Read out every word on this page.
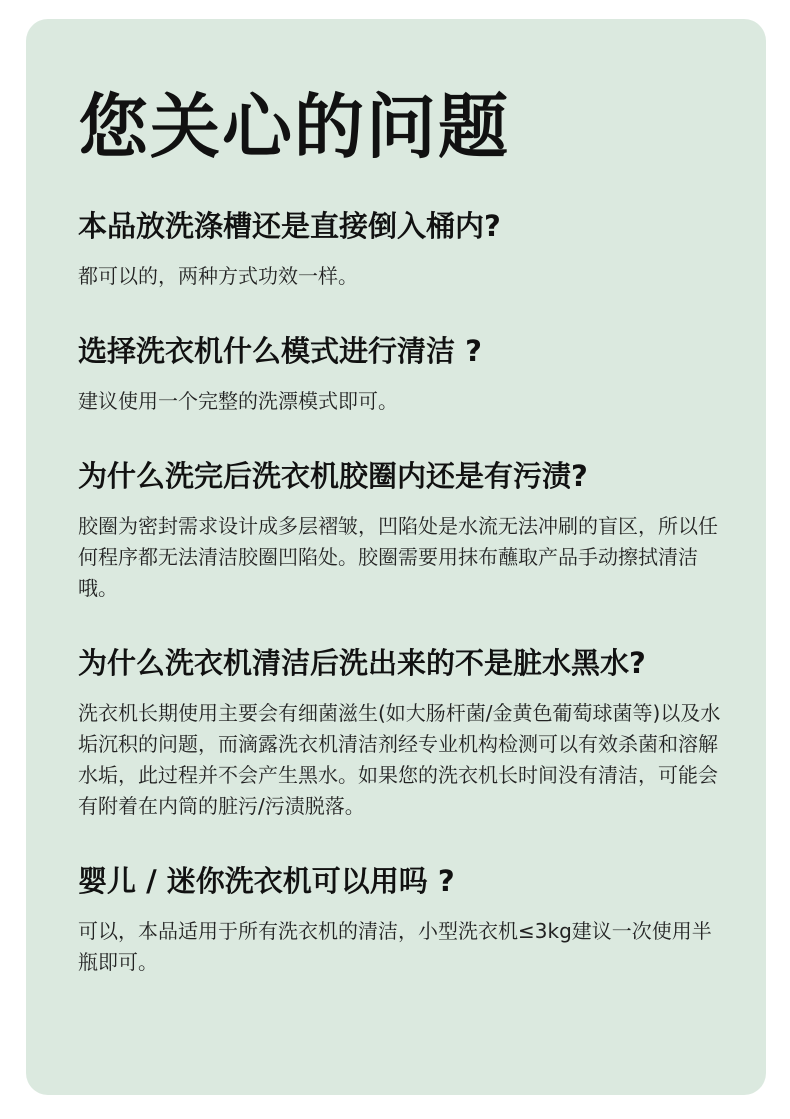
您关心的问题
本品放洗涤槽还是直接倒入桶内?

都可以的，两种方式功效一样。

选择洗衣机什么模式进行清洁 ?

建议使用一个完整的洗漂模式即可。

为什么洗完后洗衣机胶圈内还是有污渍?

胶圈为密封需求设计成多层褶皱，凹陷处是水流无法冲刷的盲区，所以任何程序都无法清洁胶圈凹陷处。胶圈需要用抹布蘸取产品手动擦拭清洁哦。

为什么洗衣机清洁后洗出来的不是脏水黑水?

洗衣机长期使用主要会有细菌滋生(如大肠杆菌/金黄色葡萄球菌等)以及水垢沉积的问题，而滴露洗衣机清洁剂经专业机构检测可以有效杀菌和溶解水垢，此过程并不会产生黑水。如果您的洗衣机长时间没有清洁，可能会有附着在内筒的脏污/污渍脱落。

婴儿 / 迷你洗衣机可以用吗 ?

可以，本品适用于所有洗衣机的清洁，小型洗衣机≤3kg建议一次使用半瓶即可。
